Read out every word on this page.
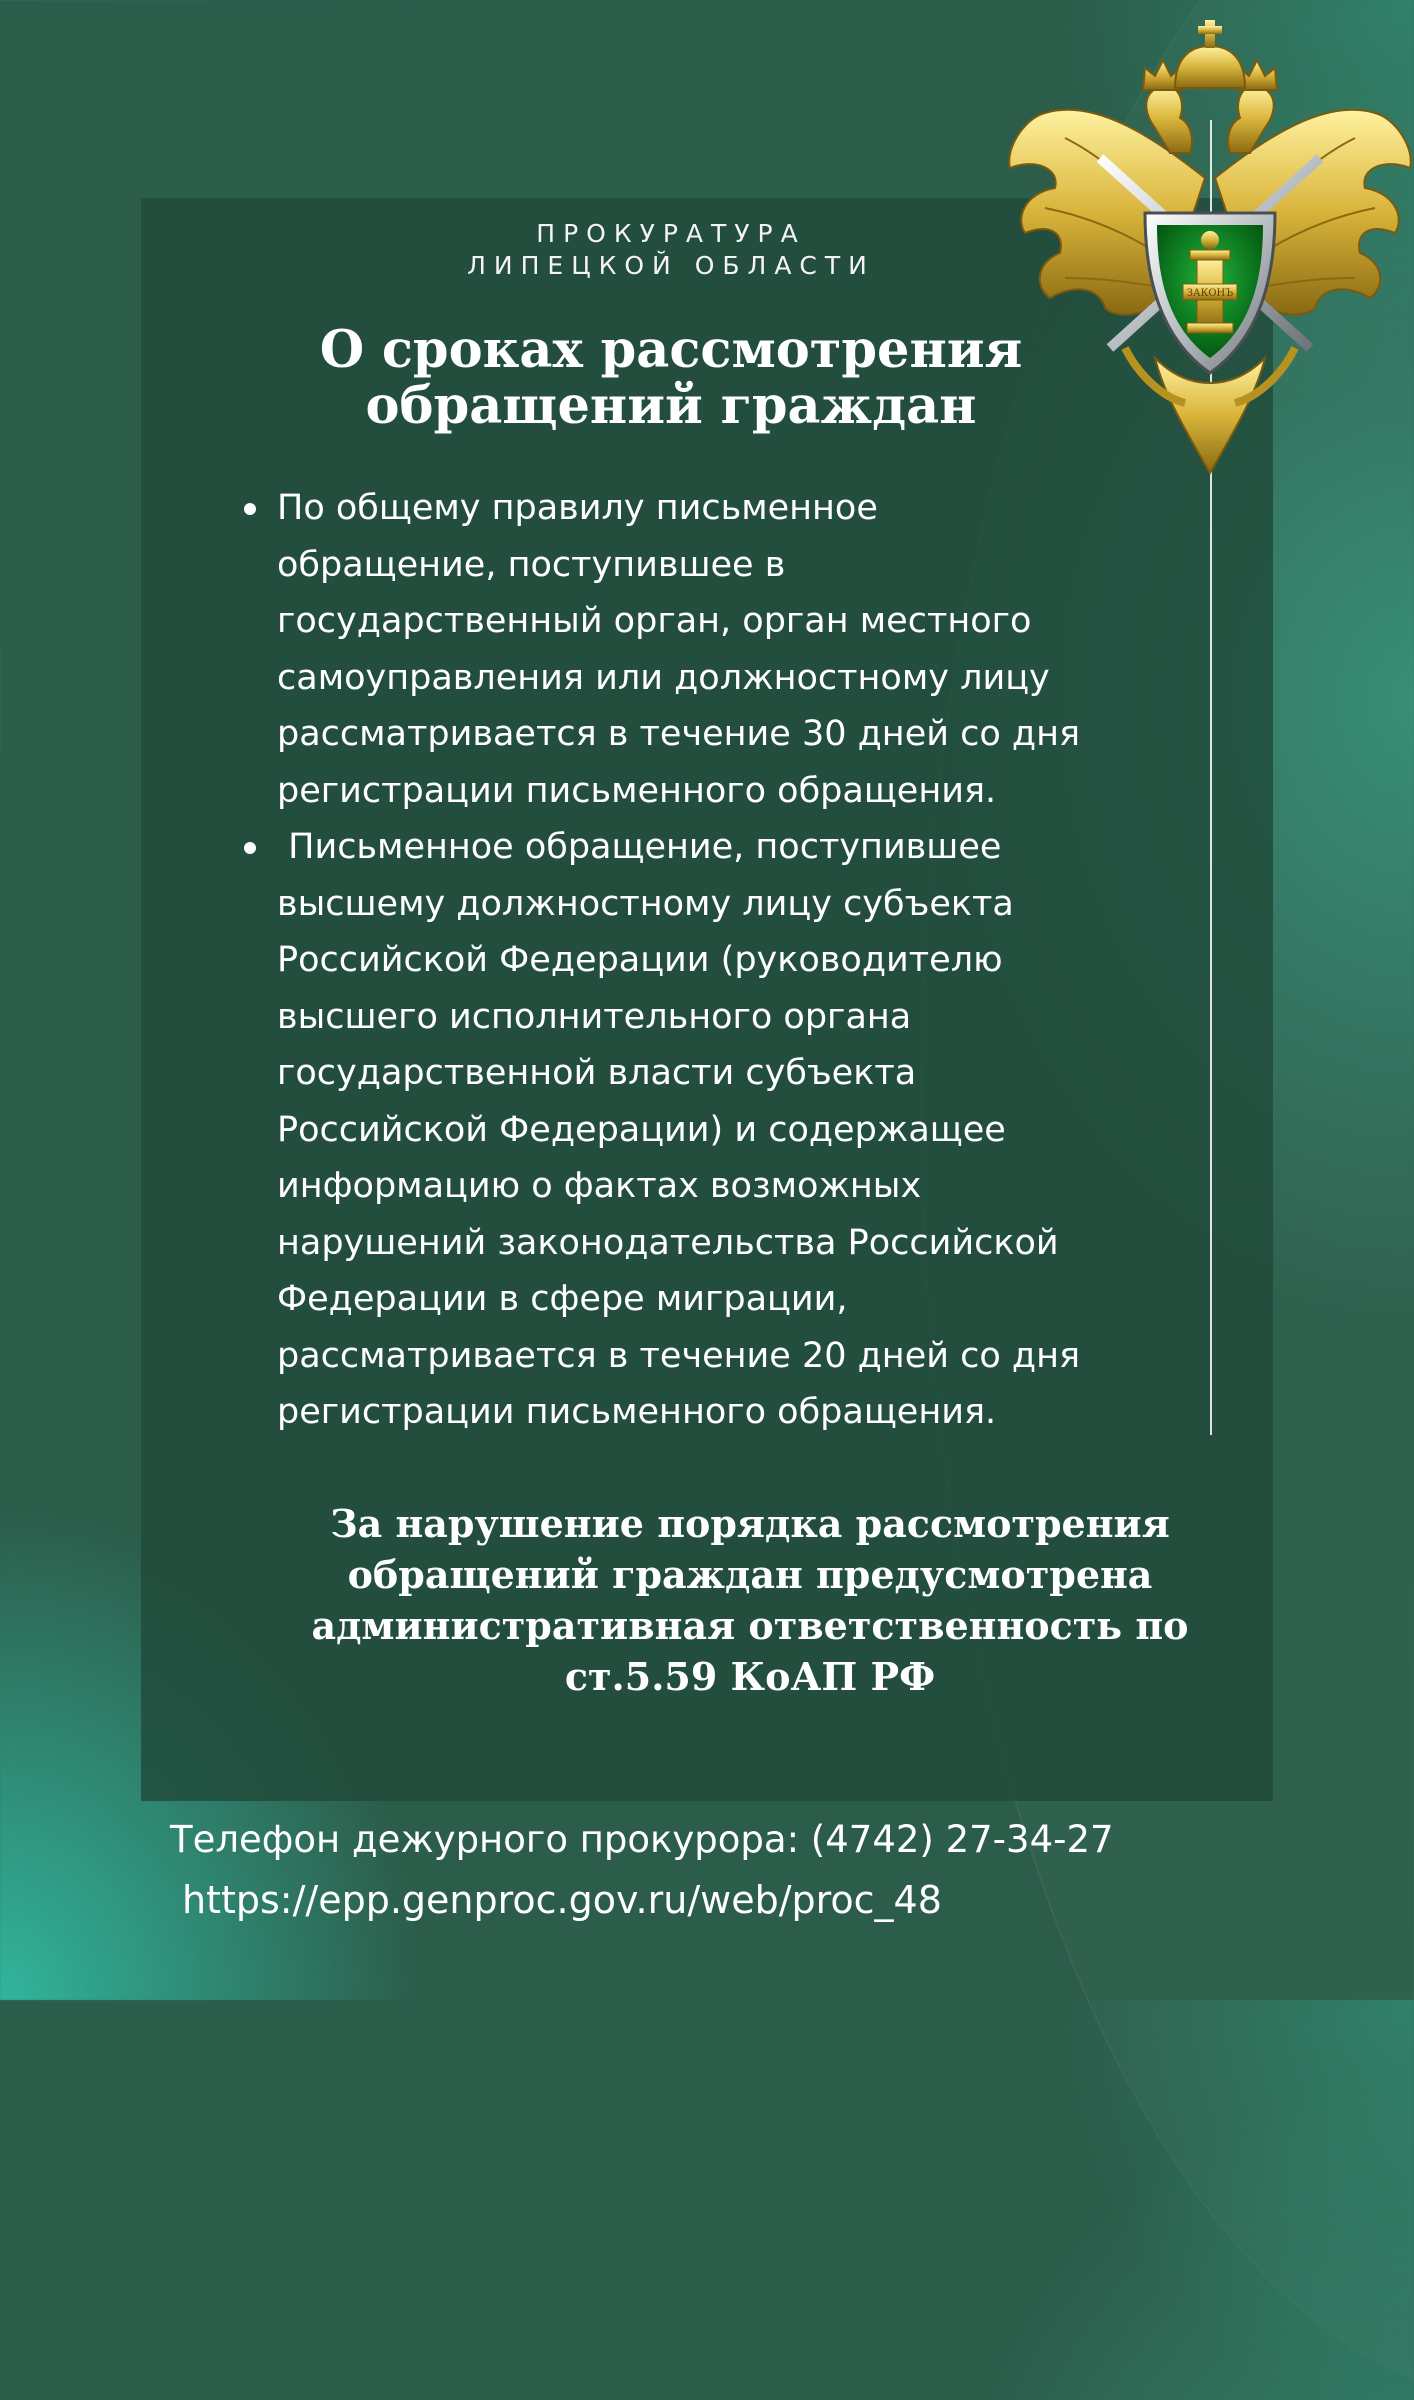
ЗАКОНЪ
ПРОКУРАТУРА
ЛИПЕЦКОЙ ОБЛАСТИ
О сроках рассмотрения
обращений граждан
По общему правилу письменное
обращение, поступившее в
государственный орган, орган местного
самоуправления или должностному лицу
рассматривается в течение 30 дней со дня
регистрации письменного обращения.
Письменное обращение, поступившее
высшему должностному лицу субъекта
Российской Федерации (руководителю
высшего исполнительного органа
государственной власти субъекта
Российской Федерации) и содержащее
информацию о фактах возможных
нарушений законодательства Российской
Федерации в сфере миграции,
рассматривается в течение 20 дней со дня
регистрации письменного обращения.
За нарушение порядка рассмотрения
обращений граждан предусмотрена
административная ответственность по
ст.5.59 КоАП РФ
Телефон дежурного прокурора: (4742) 27-34-27
https://epp.genproc.gov.ru/web/proc_48
